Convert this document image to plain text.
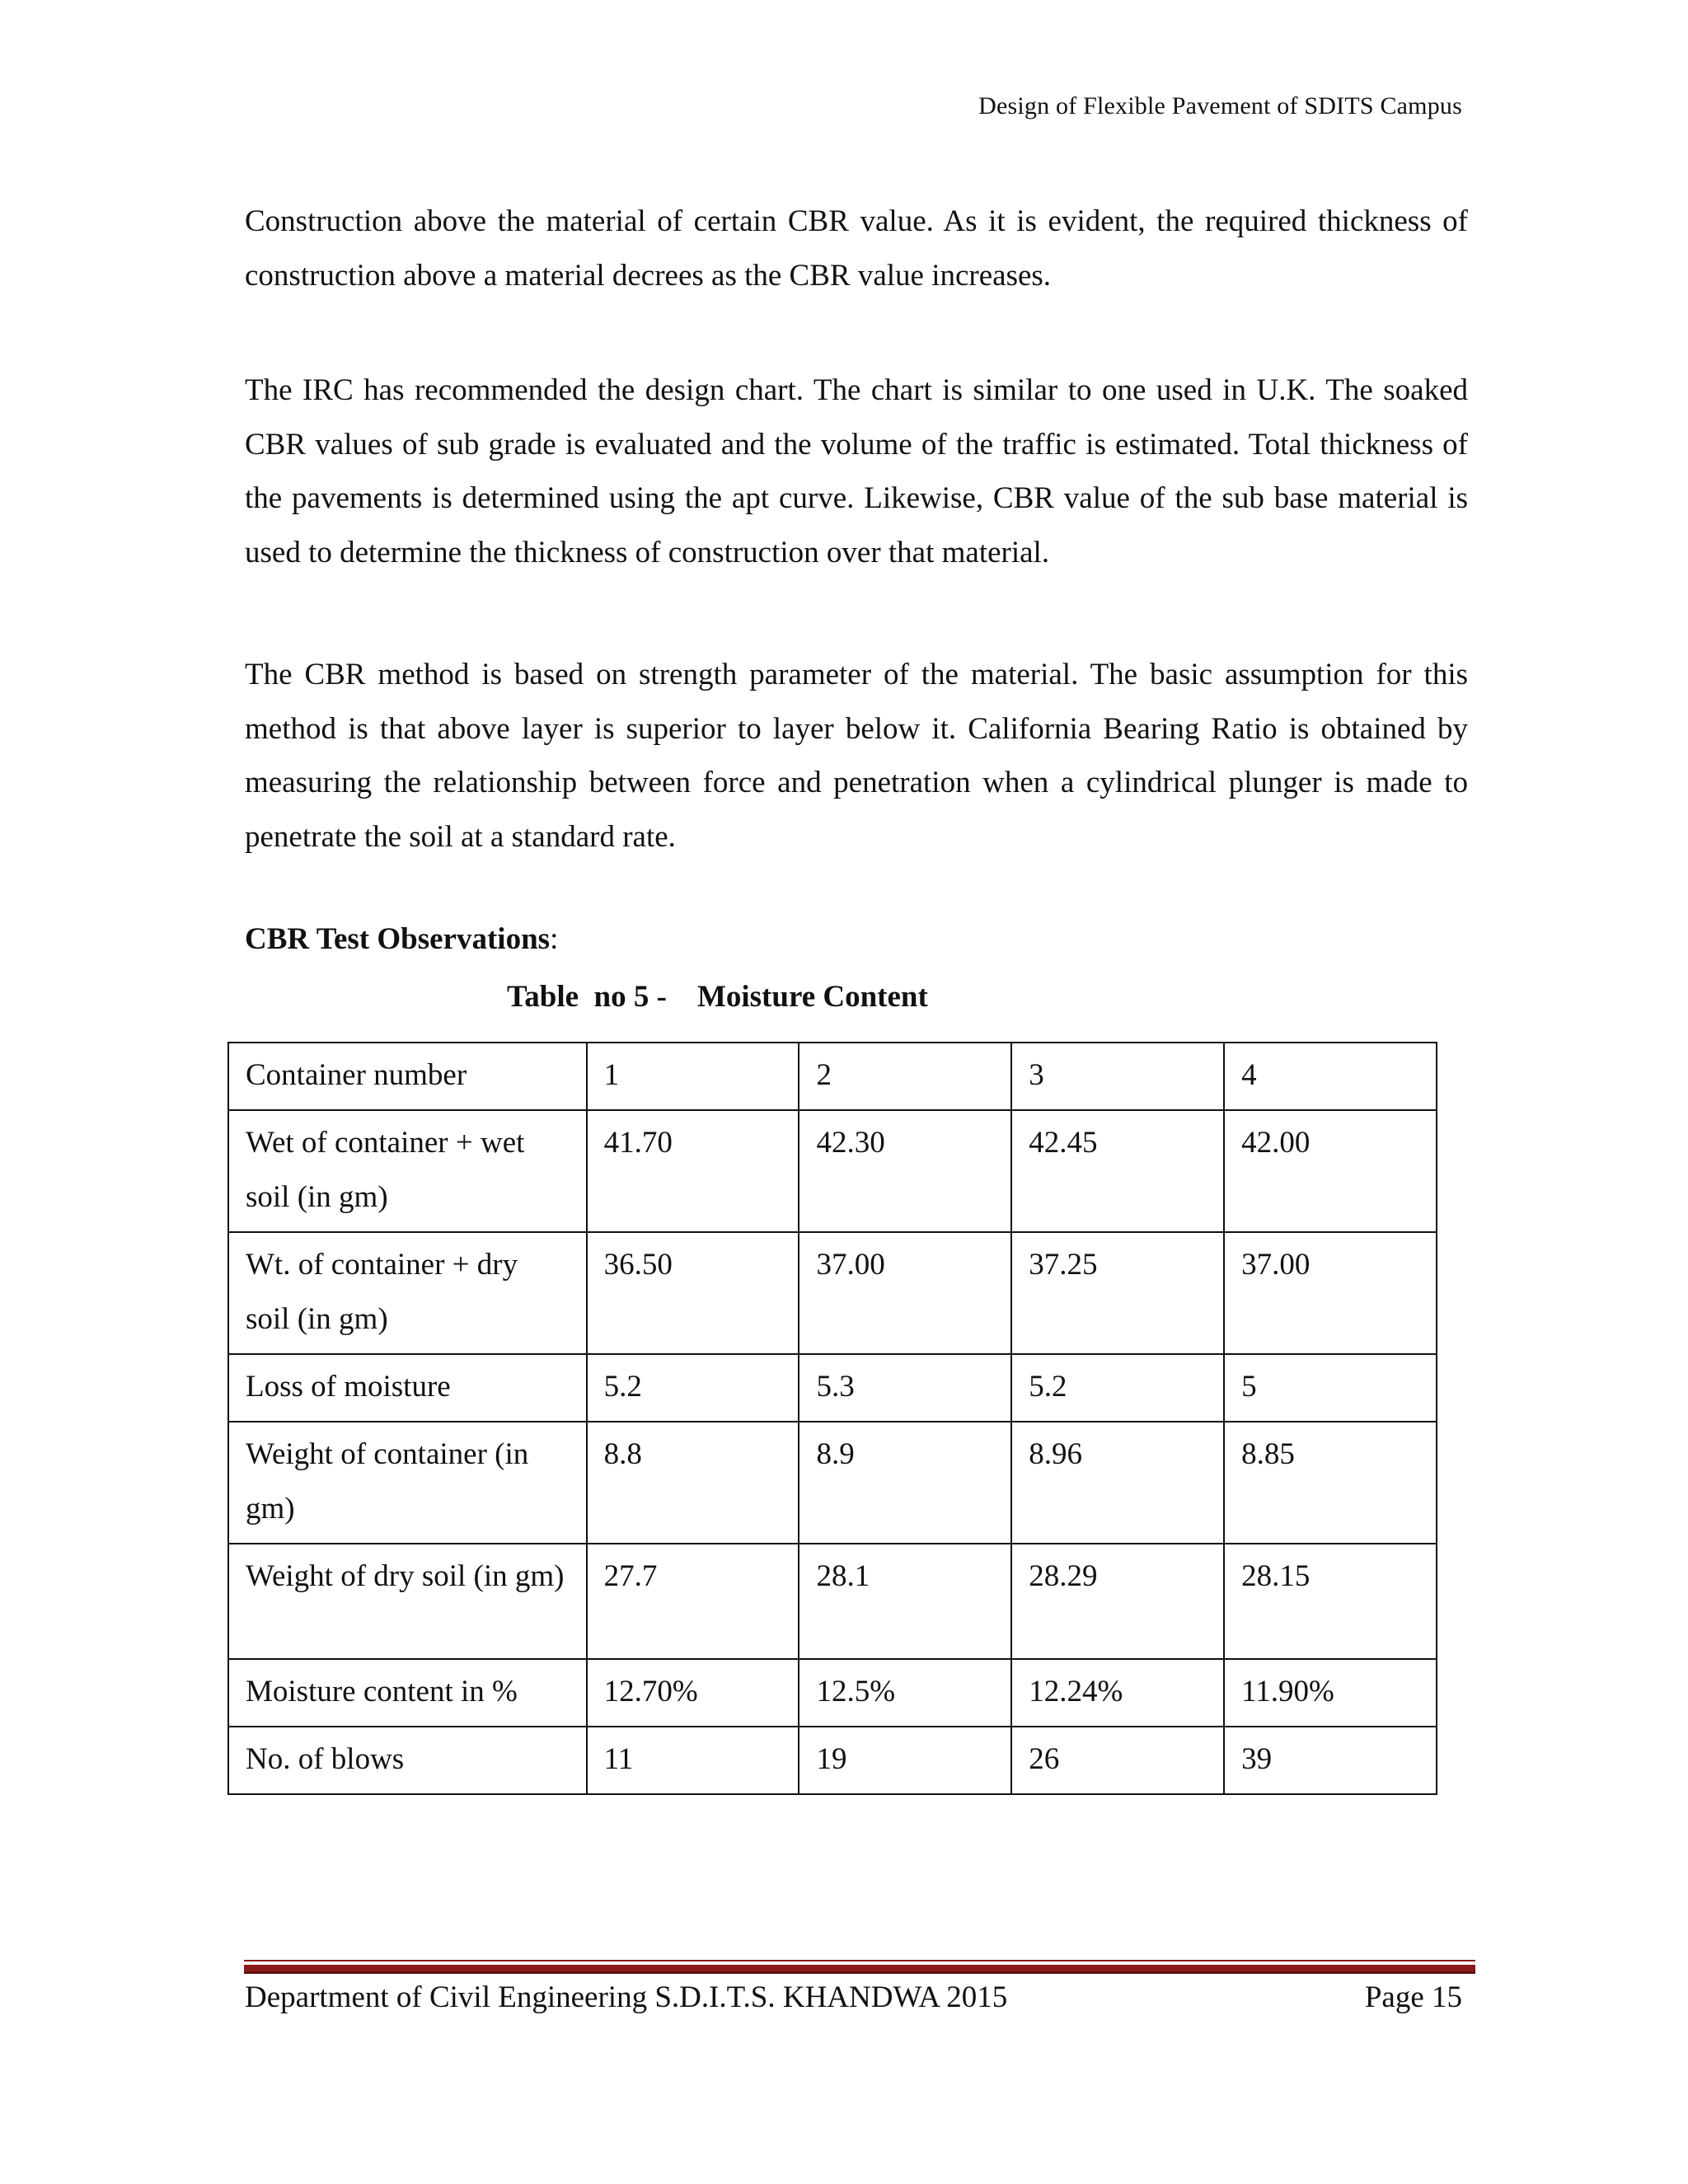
Design of Flexible Pavement of SDITS Campus

Construction above the material of certain CBR value. As it is evident, the required thickness of construction above a material decrees as the CBR value increases.

The IRC has recommended the design chart. The chart is similar to one used in U.K. The soaked CBR values of sub grade is evaluated and the volume of the traffic is estimated. Total thickness of the pavements is determined using the apt curve. Likewise, CBR value of the sub base material is used to determine the thickness of construction over that material.

The CBR method is based on strength parameter of the material. The basic assumption for this method is that above layer is superior to layer below it. California Bearing Ratio is obtained by measuring the relationship between force and penetration when a cylindrical plunger is made to penetrate the soil at a standard rate.

CBR Test Observations:
Table  no 5 -    Moisture Content
Container number	1	2	3	4
Wet of container + wet soil (in gm)	41.70	42.30	42.45	42.00
Wt. of container + dry soil (in gm)	36.50	37.00	37.25	37.00
Loss of moisture	5.2	5.3	5.2	5
Weight of container (in gm)	8.8	8.9	8.96	8.85
Weight of dry soil (in gm)	27.7	28.1	28.29	28.15
Moisture content in %	12.70%	12.5%	12.24%	11.90%
No. of blows	11	19	26	39
Department of Civil Engineering S.D.I.T.S. KHANDWA 2015	Page 15
